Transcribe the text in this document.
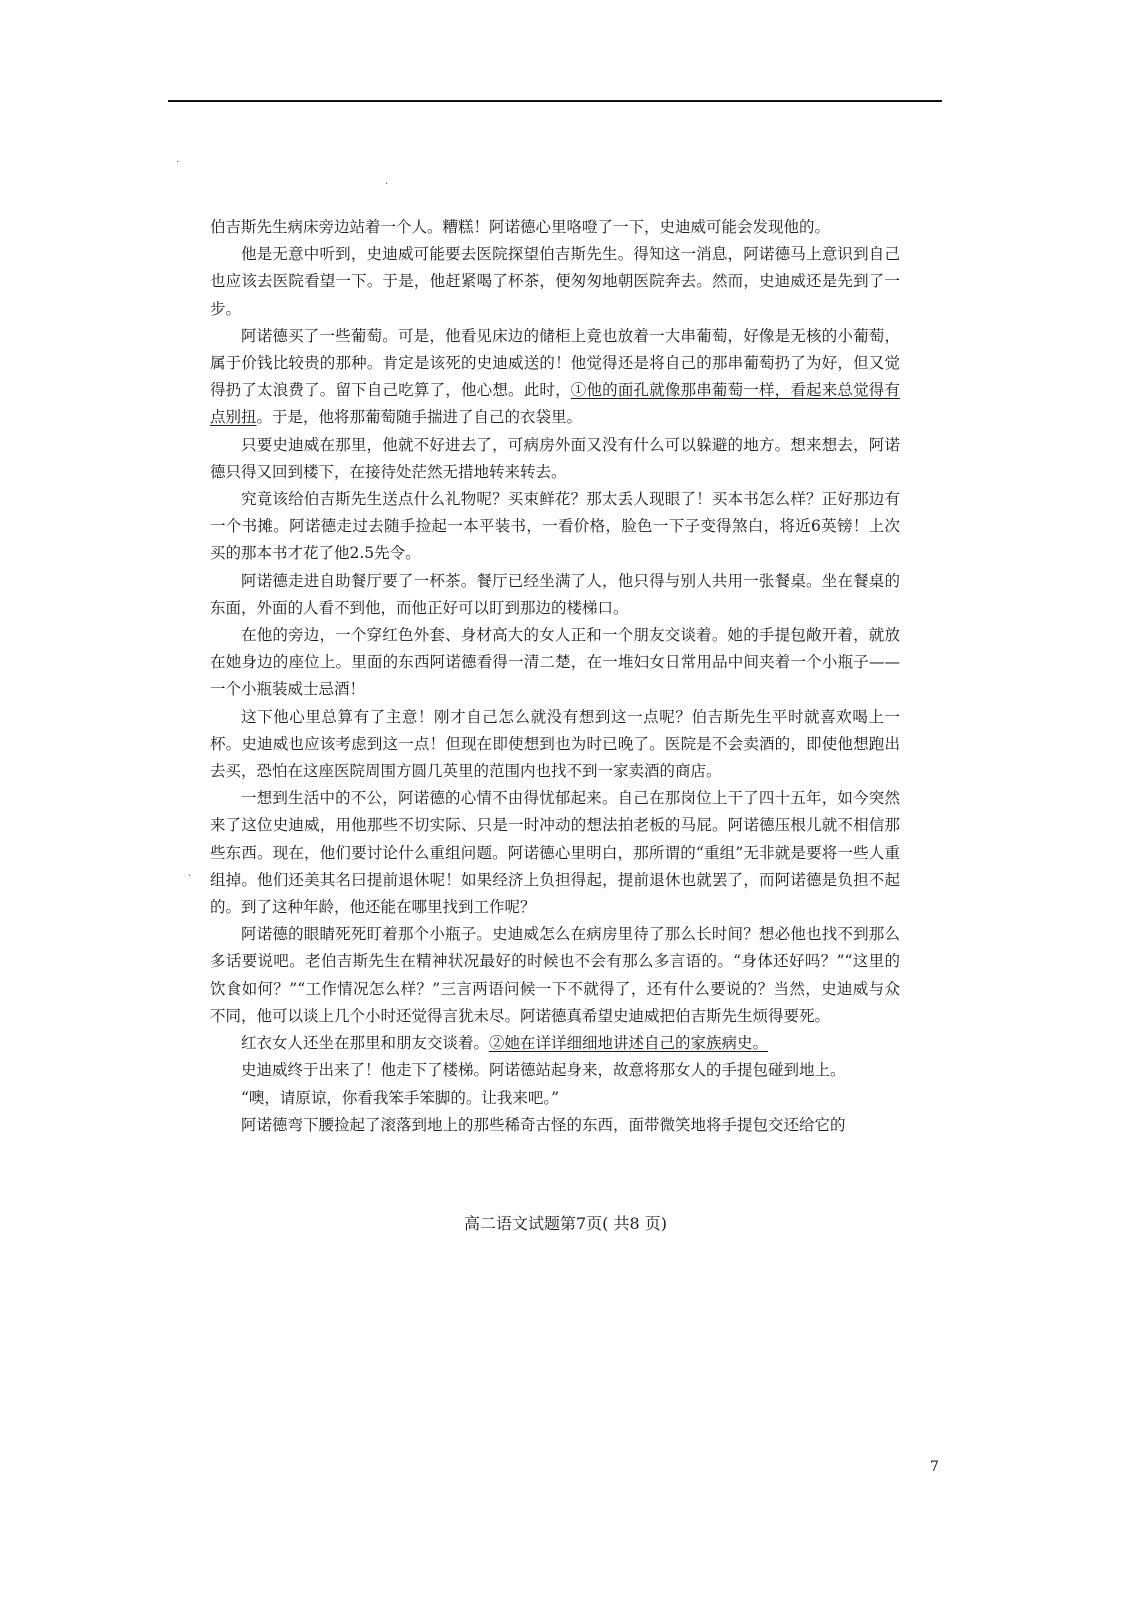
·
·
·

伯吉斯先生病床旁边站着一个人。糟糕！阿诺德心里咯噔了一下，史迪威可能会发现他的。

他是无意中听到，史迪威可能要去医院探望伯吉斯先生。得知这一消息，阿诺德马上意识到自己也应该去医院看望一下。于是，他赶紧喝了杯茶，便匆匆地朝医院奔去。然而，史迪威还是先到了一步。

阿诺德买了一些葡萄。可是，他看见床边的储柜上竟也放着一大串葡萄，好像是无核的小葡萄，属于价钱比较贵的那种。肯定是该死的史迪威送的！他觉得还是将自己的那串葡萄扔了为好，但又觉得扔了太浪费了。留下自己吃算了，他心想。此时，①他的面孔就像那串葡萄一样，看起来总觉得有点别扭。于是，他将那葡萄随手揣进了自己的衣袋里。

只要史迪威在那里，他就不好进去了，可病房外面又没有什么可以躲避的地方。想来想去，阿诺德只得又回到楼下，在接待处茫然无措地转来转去。

究竟该给伯吉斯先生送点什么礼物呢？买束鲜花？那太丢人现眼了！买本书怎么样？正好那边有一个书摊。阿诺德走过去随手捡起一本平装书，一看价格，脸色一下子变得煞白，将近6英镑！上次买的那本书才花了他2.5先令。

阿诺德走进自助餐厅要了一杯茶。餐厅已经坐满了人，他只得与别人共用一张餐桌。坐在餐桌的东面，外面的人看不到他，而他正好可以盯到那边的楼梯口。

在他的旁边，一个穿红色外套、身材高大的女人正和一个朋友交谈着。她的手提包敞开着，就放在她身边的座位上。里面的东西阿诺德看得一清二楚，在一堆妇女日常用品中间夹着一个小瓶子——一个小瓶装威士忌酒！

这下他心里总算有了主意！刚才自己怎么就没有想到这一点呢？伯吉斯先生平时就喜欢喝上一杯。史迪威也应该考虑到这一点！但现在即使想到也为时已晚了。医院是不会卖酒的，即使他想跑出去买，恐怕在这座医院周围方圆几英里的范围内也找不到一家卖酒的商店。

一想到生活中的不公，阿诺德的心情不由得忧郁起来。自己在那岗位上干了四十五年，如今突然来了这位史迪威，用他那些不切实际、只是一时冲动的想法拍老板的马屁。阿诺德压根儿就不相信那些东西。现在，他们要讨论什么重组问题。阿诺德心里明白，那所谓的“重组”无非就是要将一些人重组掉。他们还美其名曰提前退休呢！如果经济上负担得起，提前退休也就罢了，而阿诺德是负担不起的。到了这种年龄，他还能在哪里找到工作呢？

阿诺德的眼睛死死盯着那个小瓶子。史迪威怎么在病房里待了那么长时间？想必他也找不到那么多话要说吧。老伯吉斯先生在精神状况最好的时候也不会有那么多言语的。“身体还好吗？”“这里的饮食如何？”“工作情况怎么样？”三言两语问候一下不就得了，还有什么要说的？当然，史迪威与众不同，他可以谈上几个小时还觉得言犹未尽。阿诺德真希望史迪威把伯吉斯先生烦得要死。

红衣女人还坐在那里和朋友交谈着。②她在详详细细地讲述自己的家族病史。

史迪威终于出来了！他走下了楼梯。阿诺德站起身来，故意将那女人的手提包碰到地上。

“噢，请原谅，你看我笨手笨脚的。让我来吧。”

阿诺德弯下腰捡起了滚落到地上的那些稀奇古怪的东西，面带微笑地将手提包交还给它的

高二语文试题第7页( 共8 页)
7
